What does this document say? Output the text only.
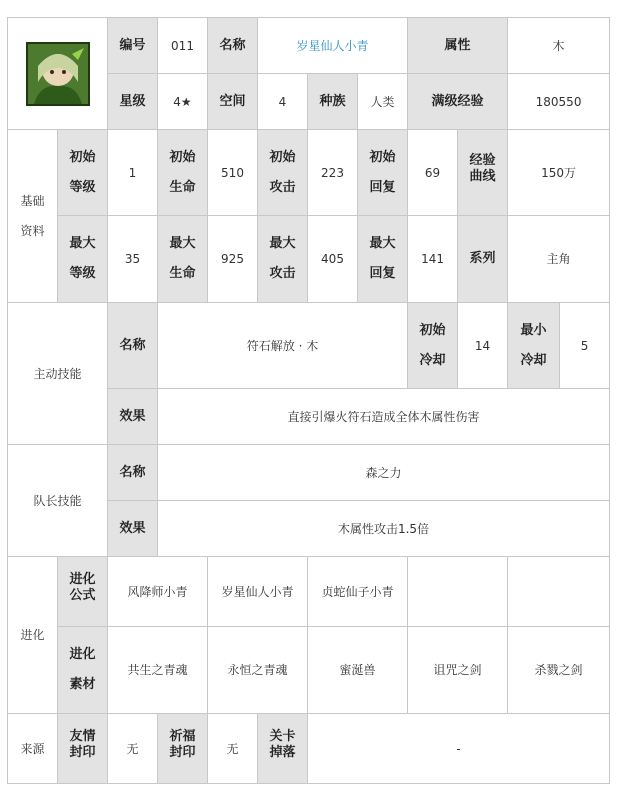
	编号	011	名称	岁星仙人小青			属性		木	
		星级	4★	空间	4	种族	人类	满级经验		180550	
基础资料	初始等级	1	初始生命	510	初始攻击	223	初始回复	69	经验曲线	150万	
	最大等级	35	最大生命	925	最大攻击	405	最大回复	141	系列	主角	
主动技能		名称	符石解放 · 木					初始冷却	14	最小冷却	5
		效果	直接引爆火符石造成全体木属性伤害								
队长技能		名称	森之力								
		效果	木属性攻击1.5倍								
进化	进化公式	风降师小青		岁星仙人小青		贞蛇仙子小青					
	进化素材	共生之青魂		永恒之青魂		蜜涎兽		诅咒之剑		杀戮之剑	
来源	友情封印	无	祈福封印	无	关卡掉落	-					
